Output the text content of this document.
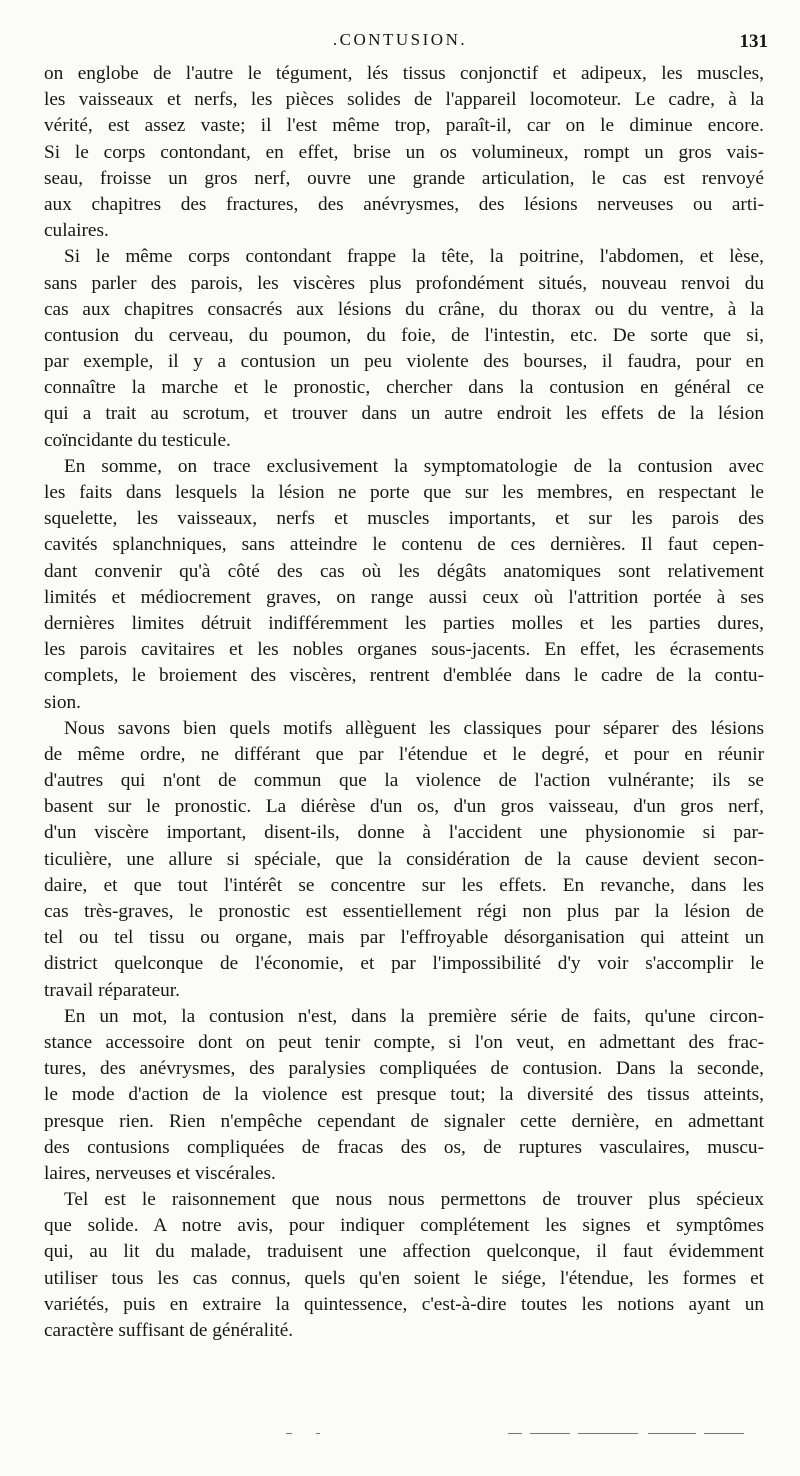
.CONTUSION.	131
on englobe de l'autre le tégument, lés tissus conjonctif et adipeux, les muscles,
les vaisseaux et nerfs, les pièces solides de l'appareil locomoteur. Le cadre, à la
vérité, est assez vaste; il l'est même trop, paraît-il, car on le diminue encore.
Si le corps contondant, en effet, brise un os volumineux, rompt un gros vais-
seau, froisse un gros nerf, ouvre une grande articulation, le cas est renvoyé
aux chapitres des fractures, des anévrysmes, des lésions nerveuses ou arti-
culaires.
Si le même corps contondant frappe la tête, la poitrine, l'abdomen, et lèse,
sans parler des parois, les viscères plus profondément situés, nouveau renvoi du
cas aux chapitres consacrés aux lésions du crâne, du thorax ou du ventre, à la
contusion du cerveau, du poumon, du foie, de l'intestin, etc. De sorte que si,
par exemple, il y a contusion un peu violente des bourses, il faudra, pour en
connaître la marche et le pronostic, chercher dans la contusion en général ce
qui a trait au scrotum, et trouver dans un autre endroit les effets de la lésion
coïncidante du testicule.
En somme, on trace exclusivement la symptomatologie de la contusion avec
les faits dans lesquels la lésion ne porte que sur les membres, en respectant le
squelette, les vaisseaux, nerfs et muscles importants, et sur les parois des
cavités splanchniques, sans atteindre le contenu de ces dernières. Il faut cepen-
dant convenir qu'à côté des cas où les dégâts anatomiques sont relativement
limités et médiocrement graves, on range aussi ceux où l'attrition portée à ses
dernières limites détruit indifféremment les parties molles et les parties dures,
les parois cavitaires et les nobles organes sous-jacents. En effet, les écrasements
complets, le broiement des viscères, rentrent d'emblée dans le cadre de la contu-
sion.
Nous savons bien quels motifs allèguent les classiques pour séparer des lésions
de même ordre, ne différant que par l'étendue et le degré, et pour en réunir
d'autres qui n'ont de commun que la violence de l'action vulnérante; ils se
basent sur le pronostic. La diérèse d'un os, d'un gros vaisseau, d'un gros nerf,
d'un viscère important, disent-ils, donne à l'accident une physionomie si par-
ticulière, une allure si spéciale, que la considération de la cause devient secon-
daire, et que tout l'intérêt se concentre sur les effets. En revanche, dans les
cas très-graves, le pronostic est essentiellement régi non plus par la lésion de
tel ou tel tissu ou organe, mais par l'effroyable désorganisation qui atteint un
district quelconque de l'économie, et par l'impossibilité d'y voir s'accomplir le
travail réparateur.
En un mot, la contusion n'est, dans la première série de faits, qu'une circon-
stance accessoire dont on peut tenir compte, si l'on veut, en admettant des frac-
tures, des anévrysmes, des paralysies compliquées de contusion. Dans la seconde,
le mode d'action de la violence est presque tout; la diversité des tissus atteints,
presque rien. Rien n'empêche cependant de signaler cette dernière, en admettant
des contusions compliquées de fracas des os, de ruptures vasculaires, muscu-
laires, nerveuses et viscérales.
Tel est le raisonnement que nous nous permettons de trouver plus spécieux
que solide. A notre avis, pour indiquer complétement les signes et symptômes
qui, au lit du malade, traduisent une affection quelconque, il faut évidemment
utiliser tous les cas connus, quels qu'en soient le siége, l'étendue, les formes et
variétés, puis en extraire la quintessence, c'est-à-dire toutes les notions ayant un
caractère suffisant de généralité.
